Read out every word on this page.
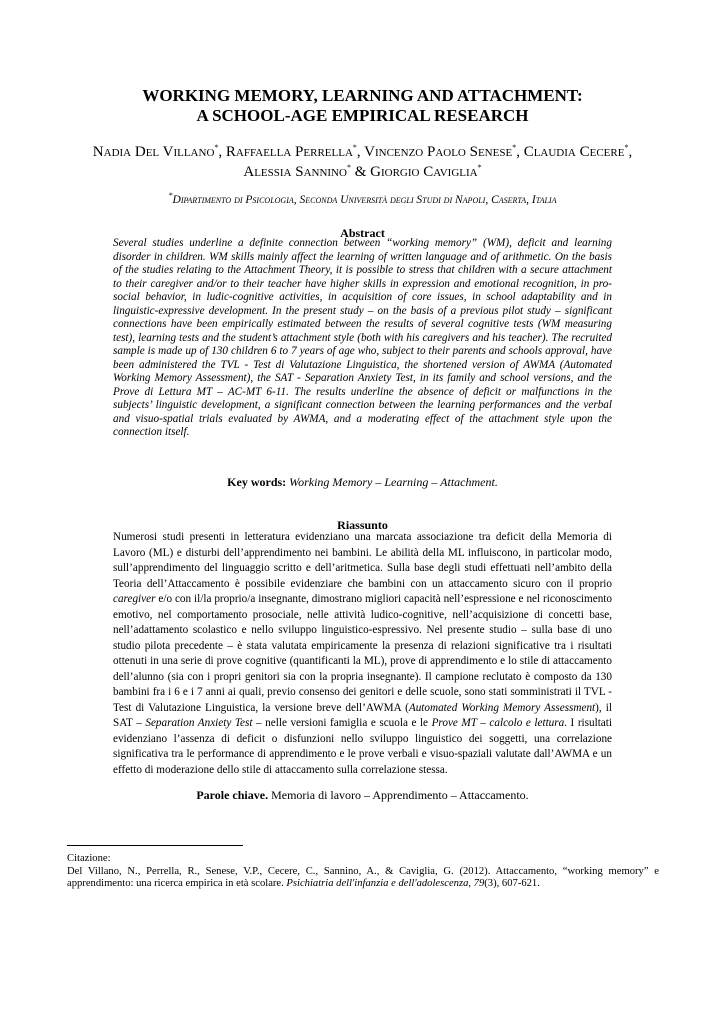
WORKING MEMORY, LEARNING AND ATTACHMENT:
A SCHOOL-AGE EMPIRICAL RESEARCH
Nadia Del Villano*, Raffaella Perrella*, Vincenzo Paolo Senese*, Claudia Cecere*,
Alessia Sannino* & Giorgio Caviglia*
*Dipartimento di Psicologia, Seconda Università degli Studi di Napoli, Caserta, Italia
Abstract
Several studies underline a definite connection between “working memory” (WM), deficit and learning disorder in children. WM skills mainly affect the learning of written language and of arithmetic. On the basis of the studies relating to the Attachment Theory, it is possible to stress that children with a secure attachment to their caregiver and/or to their teacher have higher skills in expression and emotional recognition, in pro-social behavior, in ludic-cognitive activities, in acquisition of core issues, in school adaptability and in linguistic-expressive development. In the present study – on the basis of a previous pilot study – significant connections have been empirically estimated between the results of several cognitive tests (WM measuring test), learning tests and the student’s attachment style (both with his caregivers and his teacher). The recruited sample is made up of 130 children 6 to 7 years of age who, subject to their parents and schools approval, have been administered the TVL - Test di Valutazione Linguistica, the shortened version of AWMA (Automated Working Memory Assessment), the SAT - Separation Anxiety Test, in its family and school versions, and the Prove di Lettura MT – AC-MT 6-11. The results underline the absence of deficit or malfunctions in the subjects’ linguistic development, a significant connection between the learning performances and the verbal and visuo-spatial trials evaluated by AWMA, and a moderating effect of the attachment style upon the connection itself.
Key words: Working Memory – Learning – Attachment.
Riassunto
Numerosi studi presenti in letteratura evidenziano una marcata associazione tra deficit della Memoria di Lavoro (ML) e disturbi dell’apprendimento nei bambini. Le abilità della ML influiscono, in particolar modo, sull’apprendimento del linguaggio scritto e dell’aritmetica. Sulla base degli studi effettuati nell’ambito della Teoria dell’Attaccamento è possibile evidenziare che bambini con un attaccamento sicuro con il proprio caregiver e/o con il/la proprio/a insegnante, dimostrano migliori capacità nell’espressione e nel riconoscimento emotivo, nel comportamento prosociale, nelle attività ludico-cognitive, nell’acquisizione di concetti base, nell’adattamento scolastico e nello sviluppo linguistico-espressivo. Nel presente studio – sulla base di uno studio pilota precedente – è stata valutata empiricamente la presenza di relazioni significative tra i risultati ottenuti in una serie di prove cognitive (quantificanti la ML), prove di apprendimento e lo stile di attaccamento dell’alunno (sia con i propri genitori sia con la propria insegnante). Il campione reclutato è composto da 130 bambini fra i 6 e i 7 anni ai quali, previo consenso dei genitori e delle scuole, sono stati somministrati il TVL - Test di Valutazione Linguistica, la versione breve dell’AWMA (Automated Working Memory Assessment), il SAT – Separation Anxiety Test – nelle versioni famiglia e scuola e le Prove MT – calcolo e lettura. I risultati evidenziano l’assenza di deficit o disfunzioni nello sviluppo linguistico dei soggetti, una correlazione significativa tra le performance di apprendimento e le prove verbali e visuo-spaziali valutate dall’AWMA e un effetto di moderazione dello stile di attaccamento sulla correlazione stessa.
Parole chiave. Memoria di lavoro – Apprendimento – Attaccamento.
Citazione:
Del Villano, N., Perrella, R., Senese, V.P., Cecere, C., Sannino, A., & Caviglia, G. (2012). Attaccamento, “working memory” e apprendimento: una ricerca empirica in età scolare. Psichiatria dell'infanzia e dell'adolescenza, 79(3), 607-621.
